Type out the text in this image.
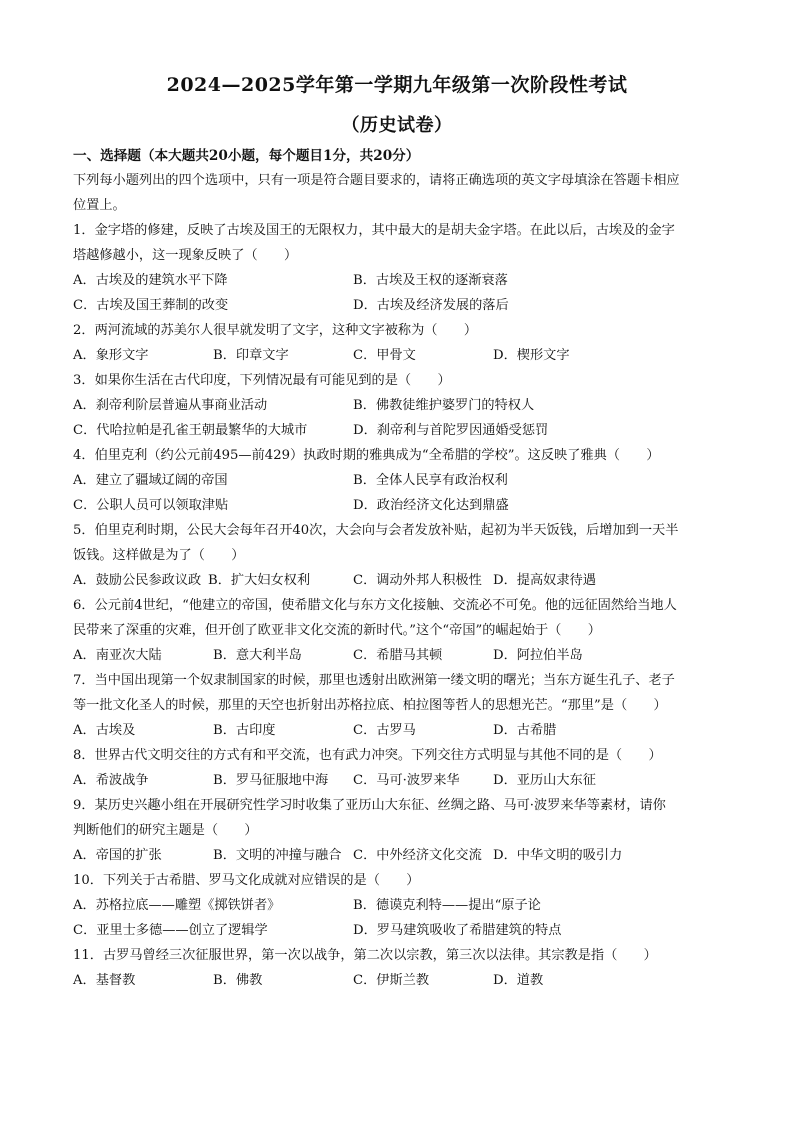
2024—2025学年第一学期九年级第一次阶段性考试
（历史试卷）
一、选择题（本大题共20小题，每个题目1分，共20分）
下列每小题列出的四个选项中，只有一项是符合题目要求的，请将正确选项的英文字母填涂在答题卡相应
位置上。
1．金字塔的修建，反映了古埃及国王的无限权力，其中最大的是胡夫金字塔。在此以后，古埃及的金字
塔越修越小，这一现象反映了（　　）
A．古埃及的建筑水平下降	B．古埃及王权的逐渐衰落
C．古埃及国王葬制的改变	D．古埃及经济发展的落后
2．两河流域的苏美尔人很早就发明了文字，这种文字被称为（　　）
A．象形文字	B．印章文字	C．甲骨文	D．楔形文字
3．如果你生活在古代印度，下列情况最有可能见到的是（　　）
A．刹帝利阶层普遍从事商业活动	B．佛教徒维护婆罗门的特权人
C．代哈拉帕是孔雀王朝最繁华的大城市	D．刹帝利与首陀罗因通婚受惩罚
4．伯里克利（约公元前495—前429）执政时期的雅典成为“全希腊的学校”。这反映了雅典（　　）
A．建立了疆域辽阔的帝国	B．全体人民享有政治权利
C．公职人员可以领取津贴	D．政治经济文化达到鼎盛
5．伯里克利时期，公民大会每年召开40次，大会向与会者发放补贴，起初为半天饭钱，后增加到一天半
饭钱。这样做是为了（　　）
A．鼓励公民参政议政 B．扩大妇女权利	C．调动外邦人积极性 D．提高奴隶待遇
6．公元前4世纪，“他建立的帝国，使希腊文化与东方文化接触、交流必不可免。他的远征固然给当地人
民带来了深重的灾难，但开创了欧亚非文化交流的新时代。”这个“帝国”的崛起始于（　　）
A．南亚次大陆	B．意大利半岛	C．希腊马其顿	D．阿拉伯半岛
7．当中国出现第一个奴隶制国家的时候，那里也透射出欧洲第一缕文明的曙光；当东方诞生孔子、老子
等一批文化圣人的时候，那里的天空也折射出苏格拉底、柏拉图等哲人的思想光芒。“那里”是（　　）
A．古埃及	B．古印度	C．古罗马	D．古希腊
8．世界古代文明交往的方式有和平交流，也有武力冲突。下列交往方式明显与其他不同的是（　　）
A．希波战争	B．罗马征服地中海 C．马可·波罗来华	D．亚历山大东征
9．某历史兴趣小组在开展研究性学习时收集了亚历山大东征、丝绸之路、马可·波罗来华等素材，请你
判断他们的研究主题是（　　）
A．帝国的扩张	B．文明的冲撞与融合 C．中外经济文化交流 D．中华文明的吸引力
10．下列关于古希腊、罗马文化成就对应错误的是（　　）
A．苏格拉底——雕塑《掷铁饼者》	B．德谟克利特——提出“原子论
C．亚里士多德——创立了逻辑学	D．罗马建筑吸收了希腊建筑的特点
11．古罗马曾经三次征服世界，第一次以战争，第二次以宗教，第三次以法律。其宗教是指（　　）
A．基督教	B．佛教	C．伊斯兰教	D．道教
